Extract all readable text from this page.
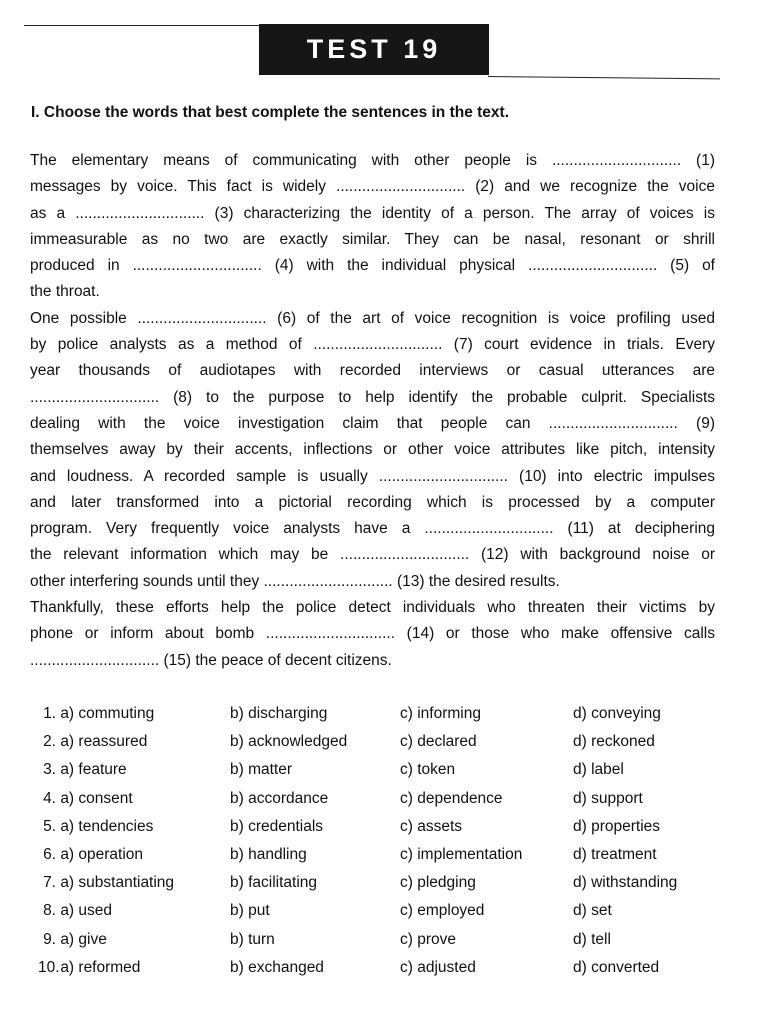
TEST 19
I. Choose the words that best complete the sentences in the text.
The elementary means of communicating with other people is .............................. (1)
messages by voice. This fact is widely .............................. (2) and we recognize the voice
as a .............................. (3) characterizing the identity of a person. The array of voices is
immeasurable as no two are exactly similar. They can be nasal, resonant or shrill
produced in .............................. (4) with the individual physical .............................. (5) of
the throat.
One possible .............................. (6) of the art of voice recognition is voice profiling used
by police analysts as a method of .............................. (7) court evidence in trials. Every
year thousands of audiotapes with recorded interviews or casual utterances are
.............................. (8) to the purpose to help identify the probable culprit. Specialists
dealing with the voice investigation claim that people can .............................. (9)
themselves away by their accents, inflections or other voice attributes like pitch, intensity
and loudness. A recorded sample is usually .............................. (10) into electric impulses
and later transformed into a pictorial recording which is processed by a computer
program. Very frequently voice analysts have a .............................. (11) at deciphering
the relevant information which may be .............................. (12) with background noise or
other interfering sounds until they .............................. (13) the desired results.
Thankfully, these efforts help the police detect individuals who threaten their victims by
phone or inform about bomb .............................. (14) or those who make offensive calls
.............................. (15) the peace of decent citizens.
1. a) commuting	b) discharging	c) informing	d) conveying
2. a) reassured	b) acknowledged	c) declared	d) reckoned
3. a) feature	b) matter	c) token	d) label
4. a) consent	b) accordance	c) dependence	d) support
5. a) tendencies	b) credentials	c) assets	d) properties
6. a) operation	b) handling	c) implementation	d) treatment
7. a) substantiating	b) facilitating	c) pledging	d) withstanding
8. a) used	b) put	c) employed	d) set
9. a) give	b) turn	c) prove	d) tell
10. a) reformed	b) exchanged	c) adjusted	d) converted
